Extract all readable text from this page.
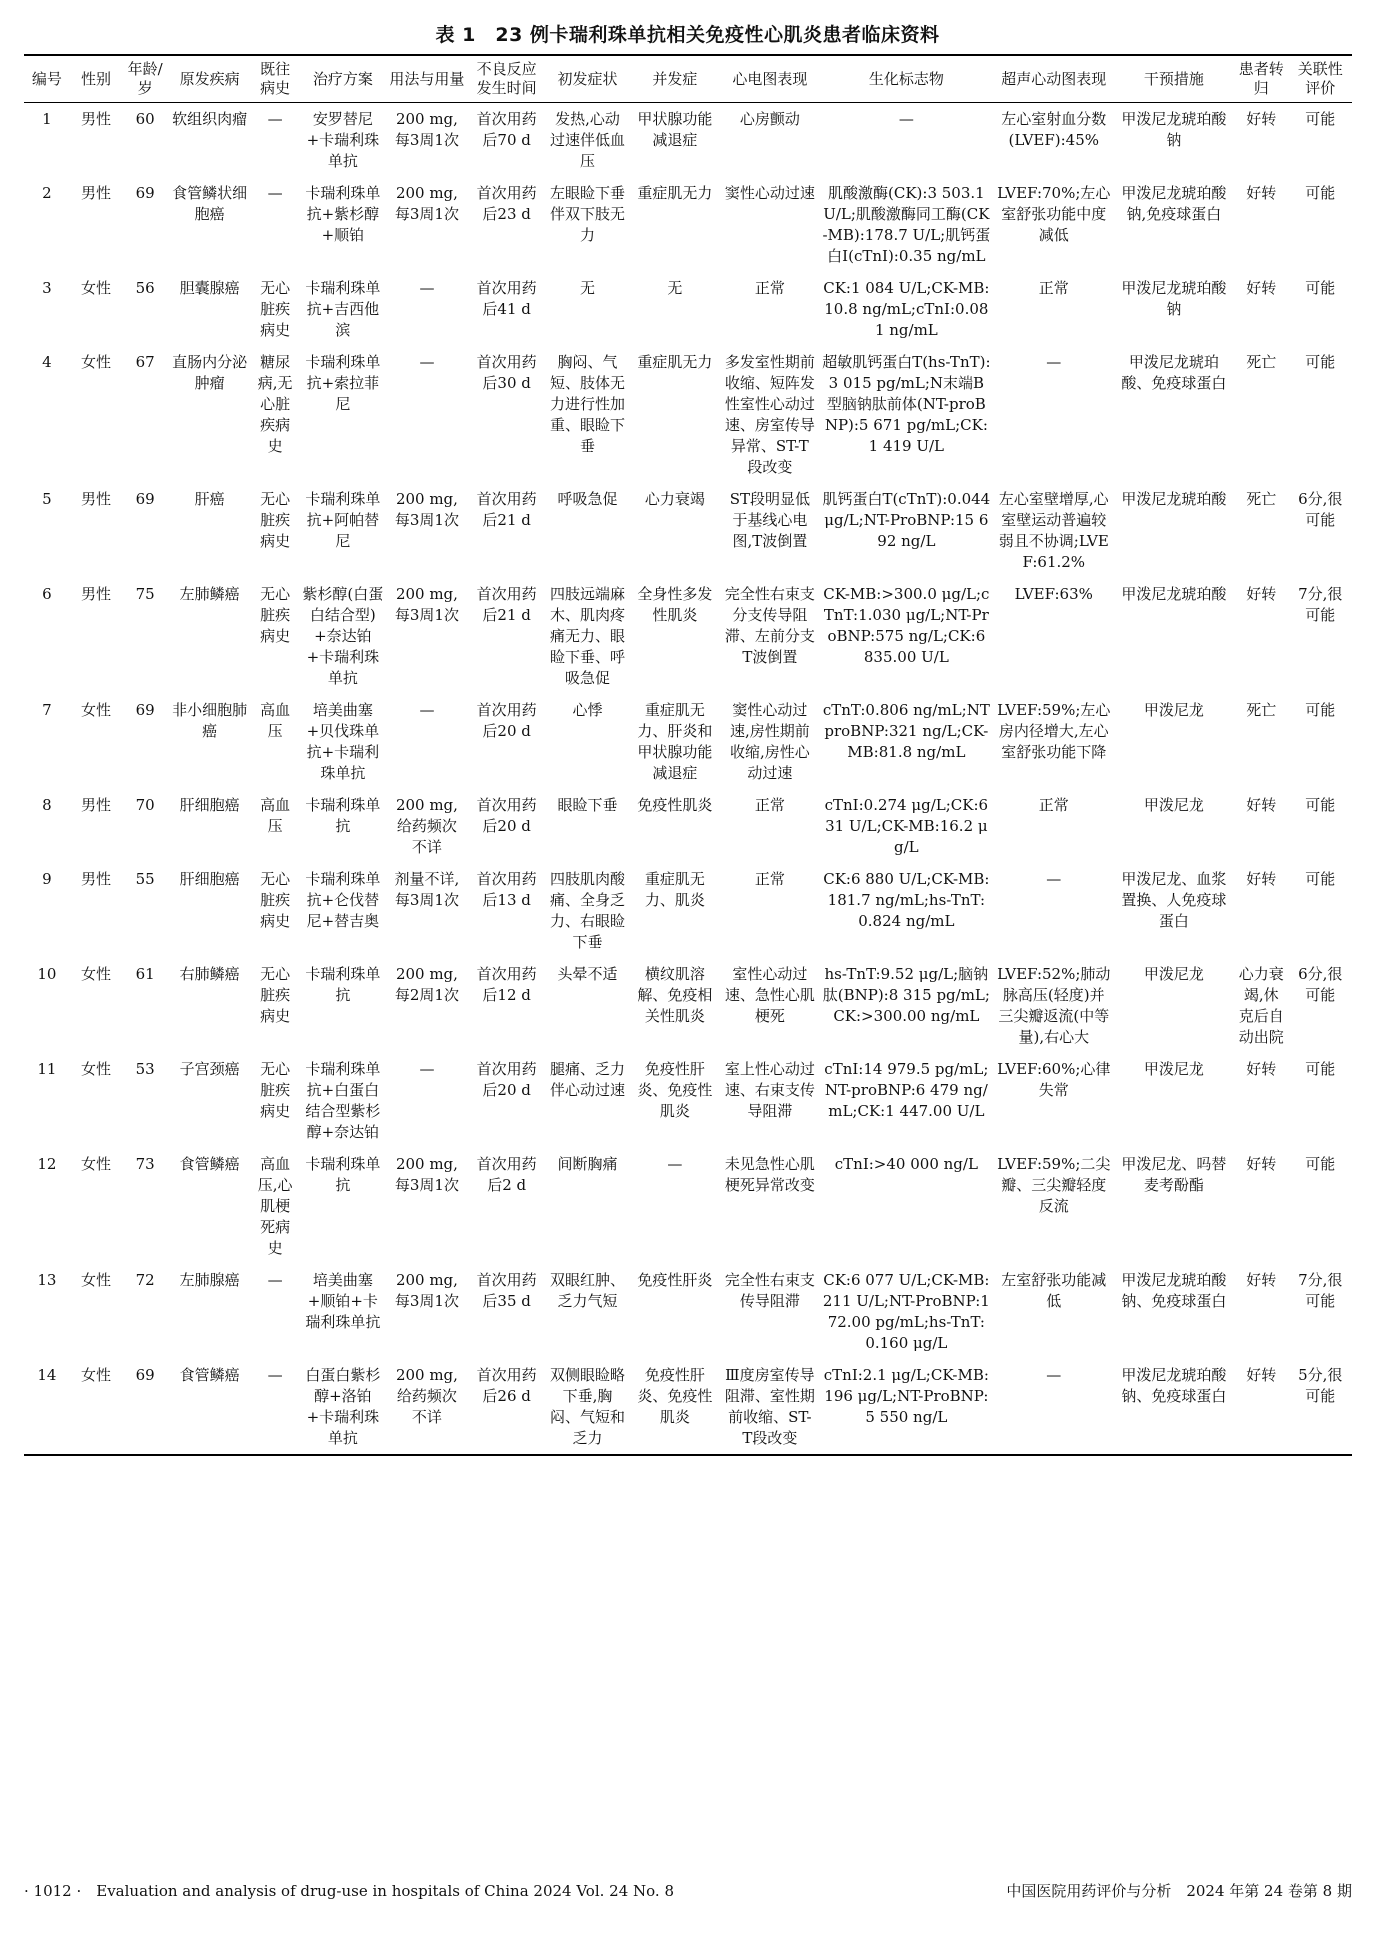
表 1　23 例卡瑞利珠单抗相关免疫性心肌炎患者临床资料
编号	性别	年龄/岁	原发疾病	既往病史	治疗方案	用法与用量	不良反应发生时间	初发症状	并发症	心电图表现	生化标志物	超声心动图表现	干预措施	患者转归	关联性评价
1	男性	60	软组织肉瘤	—	安罗替尼+卡瑞利珠单抗	200 mg,每3周1次	首次用药后70 d	发热,心动过速伴低血压	甲状腺功能减退症	心房颤动	—	左心室射血分数(LVEF):45%	甲泼尼龙琥珀酸钠	好转	可能
2	男性	69	食管鳞状细胞癌	—	卡瑞利珠单抗+紫杉醇+顺铂	200 mg,每3周1次	首次用药后23 d	左眼睑下垂伴双下肢无力	重症肌无力	窦性心动过速	肌酸激酶(CK):3 503.1 U/L;肌酸激酶同工酶(CK-MB):178.7 U/L;肌钙蛋白I(cTnI):0.35 ng/mL	LVEF:70%;左心室舒张功能中度减低	甲泼尼龙琥珀酸钠,免疫球蛋白	好转	可能
3	女性	56	胆囊腺癌	无心脏疾病史	卡瑞利珠单抗+吉西他滨	—	首次用药后41 d	无	无	正常	CK:1 084 U/L;CK-MB:10.8 ng/mL;cTnI:0.081 ng/mL	正常	甲泼尼龙琥珀酸钠	好转	可能
4	女性	67	直肠内分泌肿瘤	糖尿病,无心脏疾病史	卡瑞利珠单抗+索拉菲尼	—	首次用药后30 d	胸闷、气短、肢体无力进行性加重、眼睑下垂	重症肌无力	多发室性期前收缩、短阵发性室性心动过速、房室传导异常、ST-T段改变	超敏肌钙蛋白T(hs-TnT):3 015 pg/mL;N末端B型脑钠肽前体(NT-proBNP):5 671 pg/mL;CK:1 419 U/L	—	甲泼尼龙琥珀酸、免疫球蛋白	死亡	可能
5	男性	69	肝癌	无心脏疾病史	卡瑞利珠单抗+阿帕替尼	200 mg,每3周1次	首次用药后21 d	呼吸急促	心力衰竭	ST段明显低于基线心电图,T波倒置	肌钙蛋白T(cTnT):0.044 μg/L;NT-ProBNP:15 692 ng/L	左心室壁增厚,心室壁运动普遍较弱且不协调;LVEF:61.2%	甲泼尼龙琥珀酸	死亡	6分,很可能
6	男性	75	左肺鳞癌	无心脏疾病史	紫杉醇(白蛋白结合型)+奈达铂+卡瑞利珠单抗	200 mg,每3周1次	首次用药后21 d	四肢远端麻木、肌肉疼痛无力、眼睑下垂、呼吸急促	全身性多发性肌炎	完全性右束支分支传导阻滞、左前分支T波倒置	CK-MB:>300.0 μg/L;cTnT:1.030 μg/L;NT-ProBNP:575 ng/L;CK:6 835.00 U/L	LVEF:63%	甲泼尼龙琥珀酸	好转	7分,很可能
7	女性	69	非小细胞肺癌	高血压	培美曲塞+贝伐珠单抗+卡瑞利珠单抗	—	首次用药后20 d	心悸	重症肌无力、肝炎和甲状腺功能减退症	窦性心动过速,房性期前收缩,房性心动过速	cTnT:0.806 ng/mL;NTproBNP:321 ng/L;CK-MB:81.8 ng/mL	LVEF:59%;左心房内径增大,左心室舒张功能下降	甲泼尼龙	死亡	可能
8	男性	70	肝细胞癌	高血压	卡瑞利珠单抗	200 mg,给药频次不详	首次用药后20 d	眼睑下垂	免疫性肌炎	正常	cTnI:0.274 μg/L;CK:631 U/L;CK-MB:16.2 μg/L	正常	甲泼尼龙	好转	可能
9	男性	55	肝细胞癌	无心脏疾病史	卡瑞利珠单抗+仑伐替尼+替吉奥	剂量不详,每3周1次	首次用药后13 d	四肢肌肉酸痛、全身乏力、右眼睑下垂	重症肌无力、肌炎	正常	CK:6 880 U/L;CK-MB:181.7 ng/mL;hs-TnT:0.824 ng/mL	—	甲泼尼龙、血浆置换、人免疫球蛋白	好转	可能
10	女性	61	右肺鳞癌	无心脏疾病史	卡瑞利珠单抗	200 mg,每2周1次	首次用药后12 d	头晕不适	横纹肌溶解、免疫相关性肌炎	室性心动过速、急性心肌梗死	hs-TnT:9.52 μg/L;脑钠肽(BNP):8 315 pg/mL;CK:>300.00 ng/mL	LVEF:52%;肺动脉高压(轻度)并三尖瓣返流(中等量),右心大	甲泼尼龙	心力衰竭,休克后自动出院	6分,很可能
11	女性	53	子宫颈癌	无心脏疾病史	卡瑞利珠单抗+白蛋白结合型紫杉醇+奈达铂	—	首次用药后20 d	腿痛、乏力伴心动过速	免疫性肝炎、免疫性肌炎	室上性心动过速、右束支传导阻滞	cTnI:14 979.5 pg/mL;NT-proBNP:6 479 ng/mL;CK:1 447.00 U/L	LVEF:60%;心律失常	甲泼尼龙	好转	可能
12	女性	73	食管鳞癌	高血压,心肌梗死病史	卡瑞利珠单抗	200 mg,每3周1次	首次用药后2 d	间断胸痛	—	未见急性心肌梗死异常改变	cTnI:>40 000 ng/L	LVEF:59%;二尖瓣、三尖瓣轻度反流	甲泼尼龙、吗替麦考酚酯	好转	可能
13	女性	72	左肺腺癌	—	培美曲塞+顺铂+卡瑞利珠单抗	200 mg,每3周1次	首次用药后35 d	双眼红肿、乏力气短	免疫性肝炎	完全性右束支传导阻滞	CK:6 077 U/L;CK-MB:211 U/L;NT-ProBNP:172.00 pg/mL;hs-TnT:0.160 μg/L	左室舒张功能减低	甲泼尼龙琥珀酸钠、免疫球蛋白	好转	7分,很可能
14	女性	69	食管鳞癌	—	白蛋白紫杉醇+洛铂+卡瑞利珠单抗	200 mg,给药频次不详	首次用药后26 d	双侧眼睑略下垂,胸闷、气短和乏力	免疫性肝炎、免疫性肌炎	Ⅲ度房室传导阻滞、室性期前收缩、ST-T段改变	cTnI:2.1 μg/L;CK-MB:196 μg/L;NT-ProBNP:5 550 ng/L	—	甲泼尼龙琥珀酸钠、免疫球蛋白	好转	5分,很可能
· 1012 ·　Evaluation and analysis of drug-use in hospitals of China 2024 Vol. 24 No. 8	中国医院用药评价与分析　2024 年第 24 卷第 8 期
